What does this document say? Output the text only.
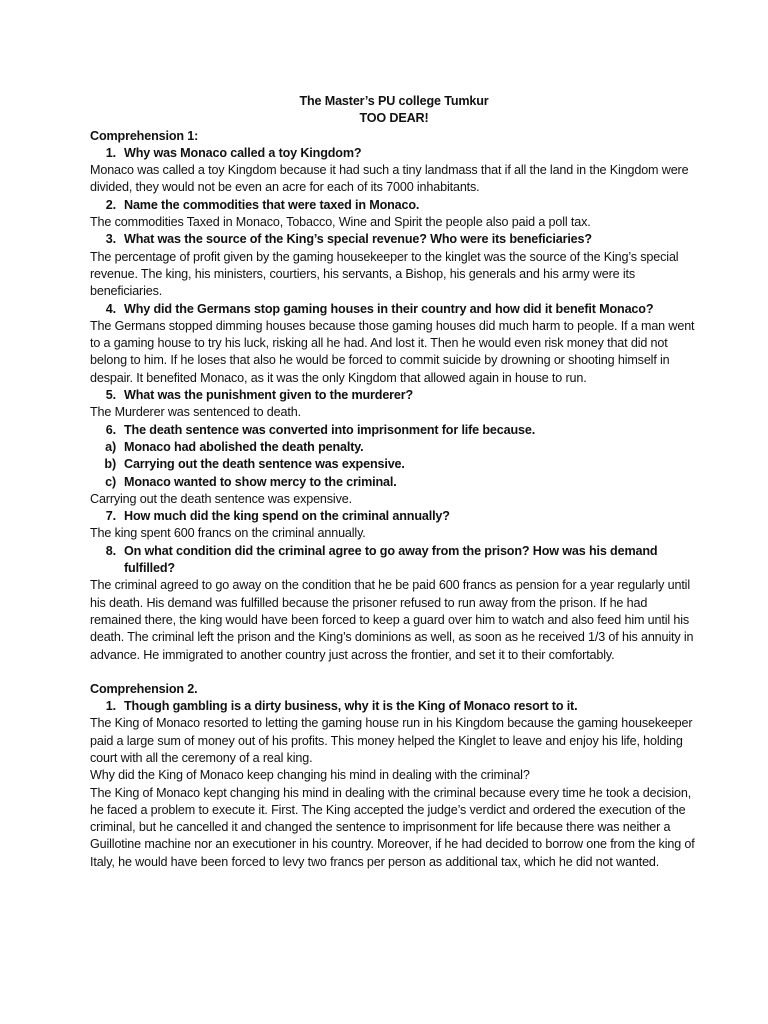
The Master’s PU college Tumkur
TOO DEAR!
Comprehension 1:
1. Why was Monaco called a toy Kingdom?
Monaco was called a toy Kingdom because it had such a tiny landmass that if all the land in the Kingdom were divided, they would not be even an acre for each of its 7000 inhabitants.
2. Name the commodities that were taxed in Monaco.
The commodities Taxed in Monaco, Tobacco, Wine and Spirit the people also paid a poll tax.
3. What was the source of the King’s special revenue? Who were its beneficiaries?
The percentage of profit given by the gaming housekeeper to the kinglet was the source of the King’s special revenue. The king, his ministers, courtiers, his servants, a Bishop, his generals and his army were its beneficiaries.
4. Why did the Germans stop gaming houses in their country and how did it benefit Monaco?
The Germans stopped dimming houses because those gaming houses did much harm to people. If a man went to a gaming house to try his luck, risking all he had. And lost it. Then he would even risk money that did not belong to him. If he loses that also he would be forced to commit suicide by drowning or shooting himself in despair. It benefited Monaco, as it was the only Kingdom that allowed again in house to run.
5. What was the punishment given to the murderer?
The Murderer was sentenced to death.
6. The death sentence was converted into imprisonment for life because.
a) Monaco had abolished the death penalty.
b) Carrying out the death sentence was expensive.
c) Monaco wanted to show mercy to the criminal.
Carrying out the death sentence was expensive.
7. How much did the king spend on the criminal annually?
The king spent 600 francs on the criminal annually.
8. On what condition did the criminal agree to go away from the prison? How was his demand fulfilled?
The criminal agreed to go away on the condition that he be paid 600 francs as pension for a year regularly until his death. His demand was fulfilled because the prisoner refused to run away from the prison. If he had remained there, the king would have been forced to keep a guard over him to watch and also feed him until his death. The criminal left the prison and the King’s dominions as well, as soon as he received 1/3 of his annuity in advance. He immigrated to another country just across the frontier, and set it to their comfortably.
Comprehension 2.
1. Though gambling is a dirty business, why it is the King of Monaco resort to it.
The King of Monaco resorted to letting the gaming house run in his Kingdom because the gaming housekeeper paid a large sum of money out of his profits. This money helped the Kinglet to leave and enjoy his life, holding court with all the ceremony of a real king.
Why did the King of Monaco keep changing his mind in dealing with the criminal?
The King of Monaco kept changing his mind in dealing with the criminal because every time he took a decision, he faced a problem to execute it. First. The King accepted the judge’s verdict and ordered the execution of the criminal, but he cancelled it and changed the sentence to imprisonment for life because there was neither a Guillotine machine nor an executioner in his country. Moreover, if he had decided to borrow one from the king of Italy, he would have been forced to levy two francs per person as additional tax, which he did not wanted.
